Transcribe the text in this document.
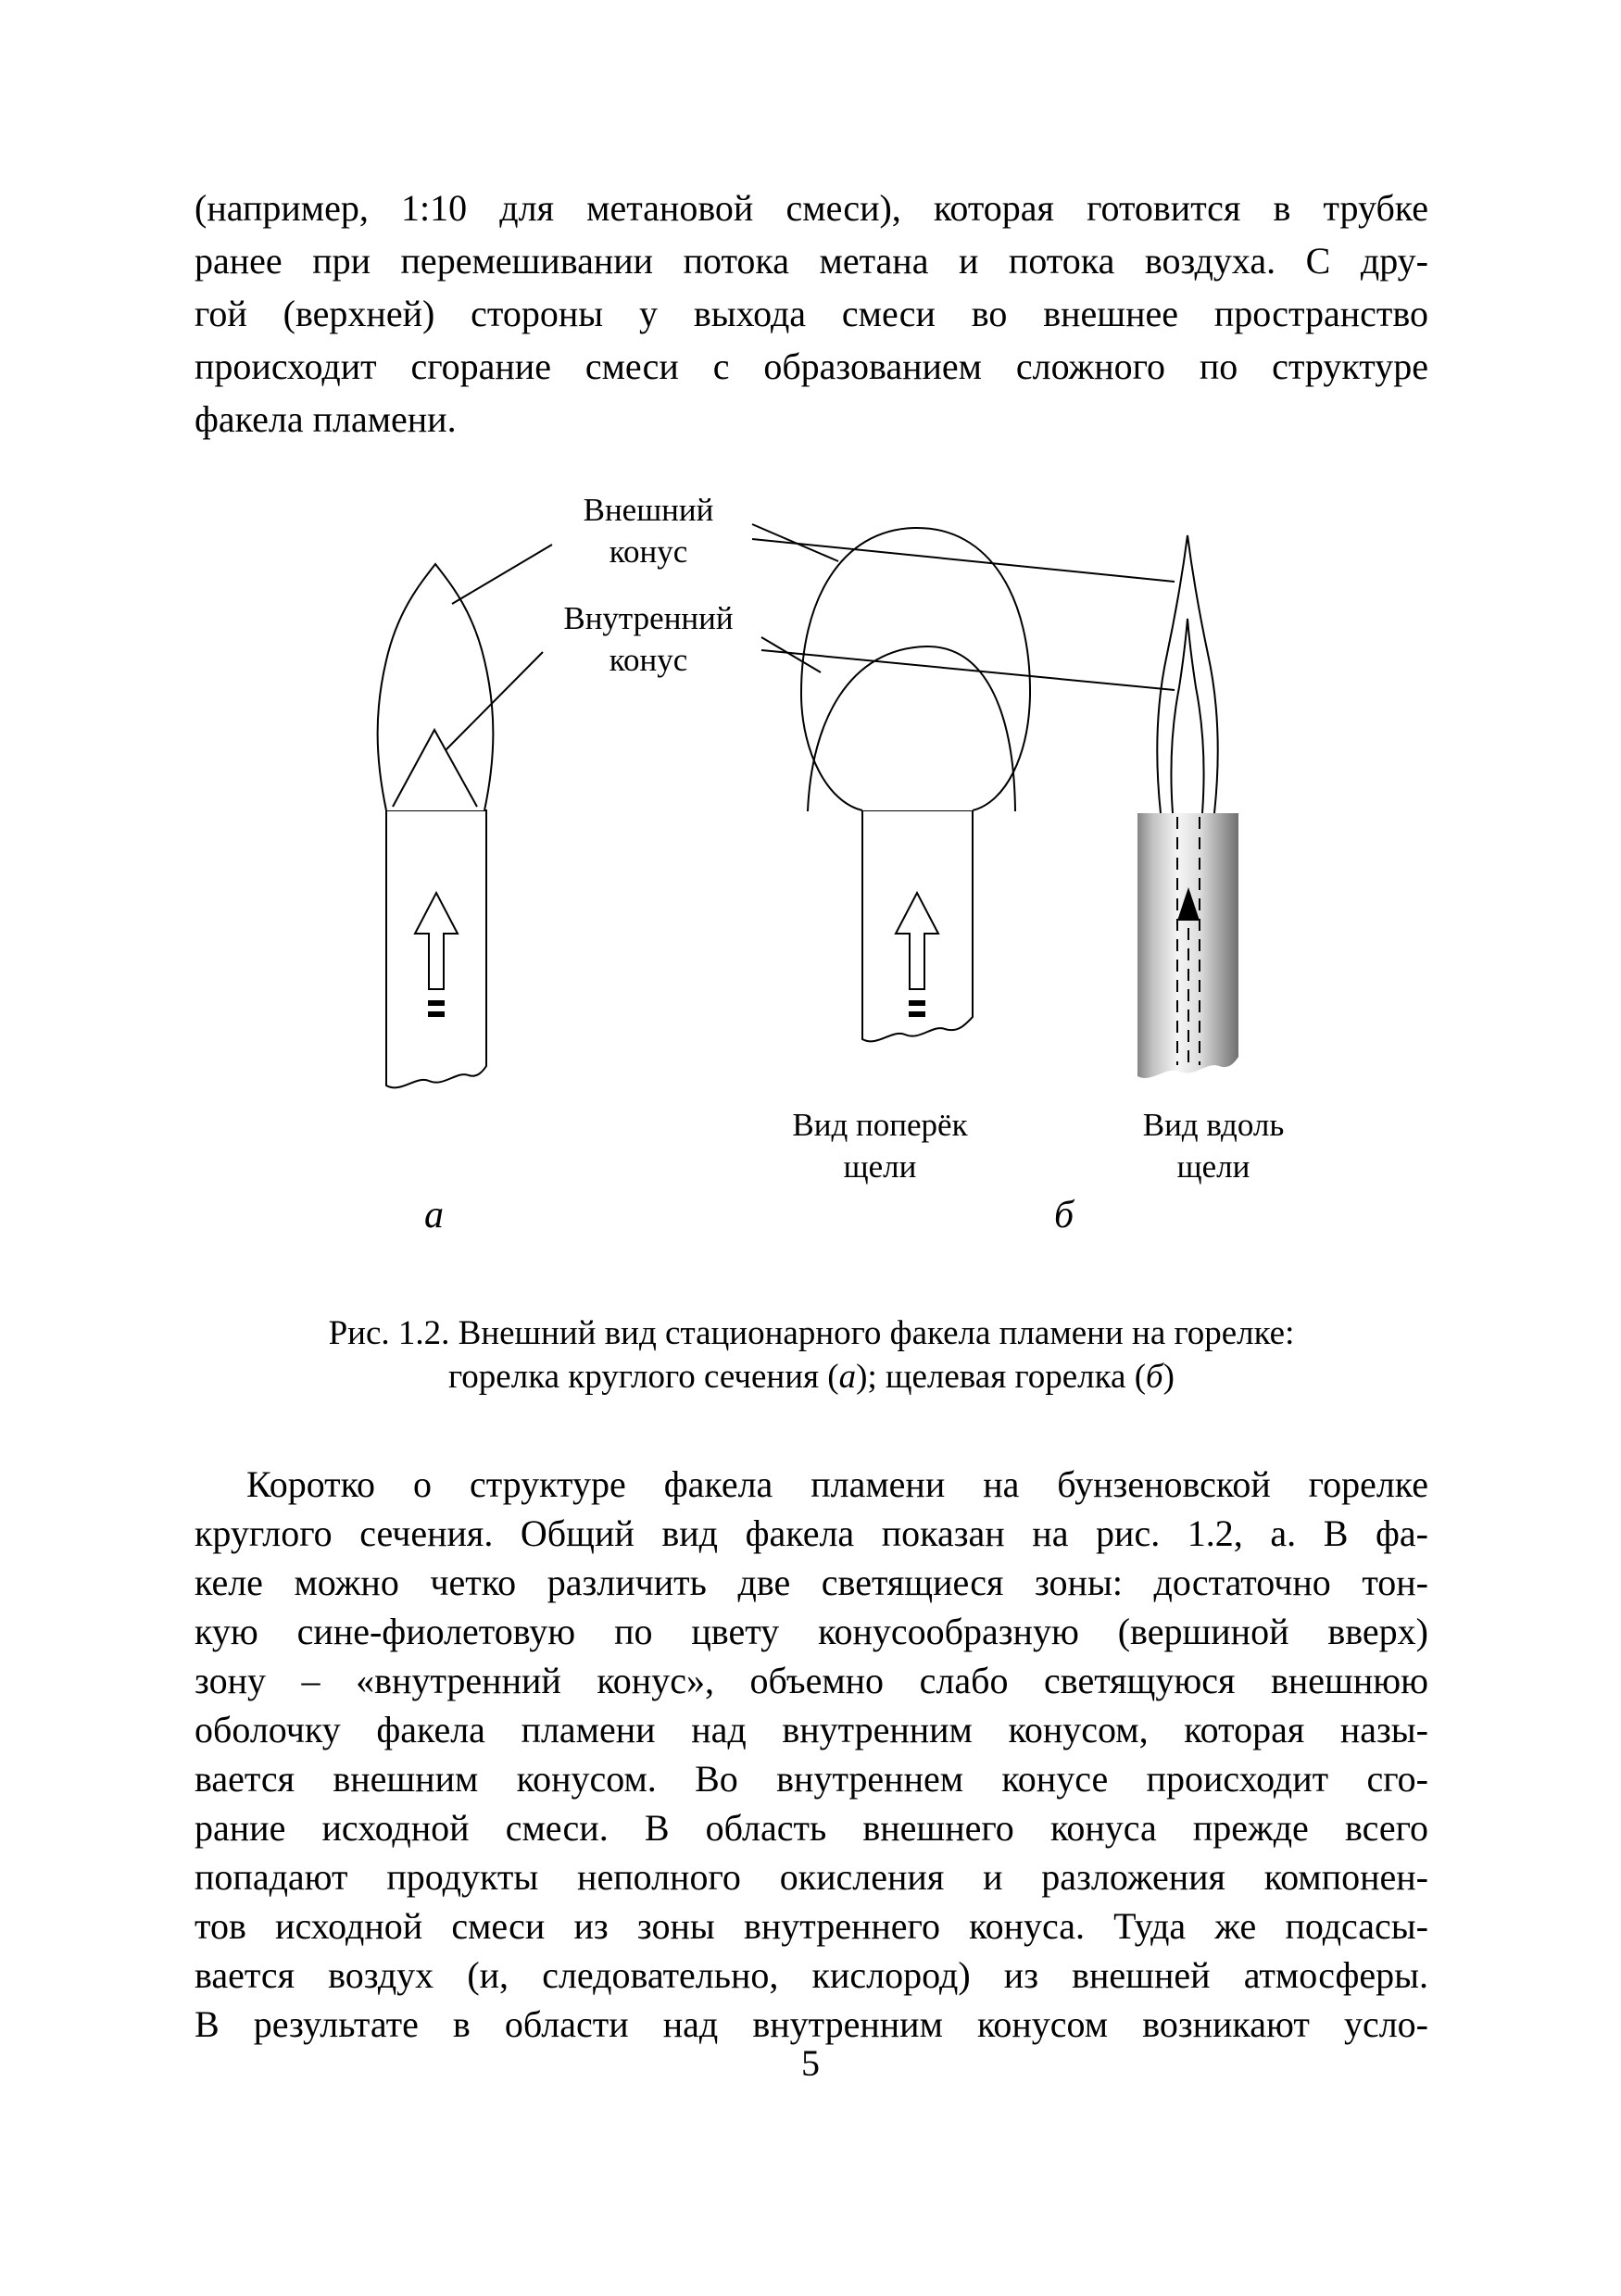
(например, 1:10 для метановой смеси), которая готовится в трубке
ранее при перемешивании потока метана и потока воздуха. С дру-
гой (верхней) стороны у выхода смеси во внешнее пространство
происходит сгорание смеси с образованием сложного по структуре
факела пламени.
Внешний
конус
Внутренний
конус
Вид поперёк
щели
Вид вдоль
щели
а	б
Рис. 1.2. Внешний вид стационарного факела пламени на горелке:
горелка круглого сечения (а); щелевая горелка (б)
Коротко о структуре факела пламени на бунзеновской горелке
круглого сечения. Общий вид факела показан на рис. 1.2, а. В фа-
келе можно четко различить две светящиеся зоны: достаточно тон-
кую сине-фиолетовую по цвету конусообразную (вершиной вверх)
зону – «внутренний конус», объемно слабо светящуюся внешнюю
оболочку факела пламени над внутренним конусом, которая назы-
вается внешним конусом. Во внутреннем конусе происходит сго-
рание исходной смеси. В область внешнего конуса прежде всего
попадают продукты неполного окисления и разложения компонен-
тов исходной смеси из зоны внутреннего конуса. Туда же подсасы-
вается воздух (и, следовательно, кислород) из внешней атмосферы.
В результате в области над внутренним конусом возникают усло-
5
